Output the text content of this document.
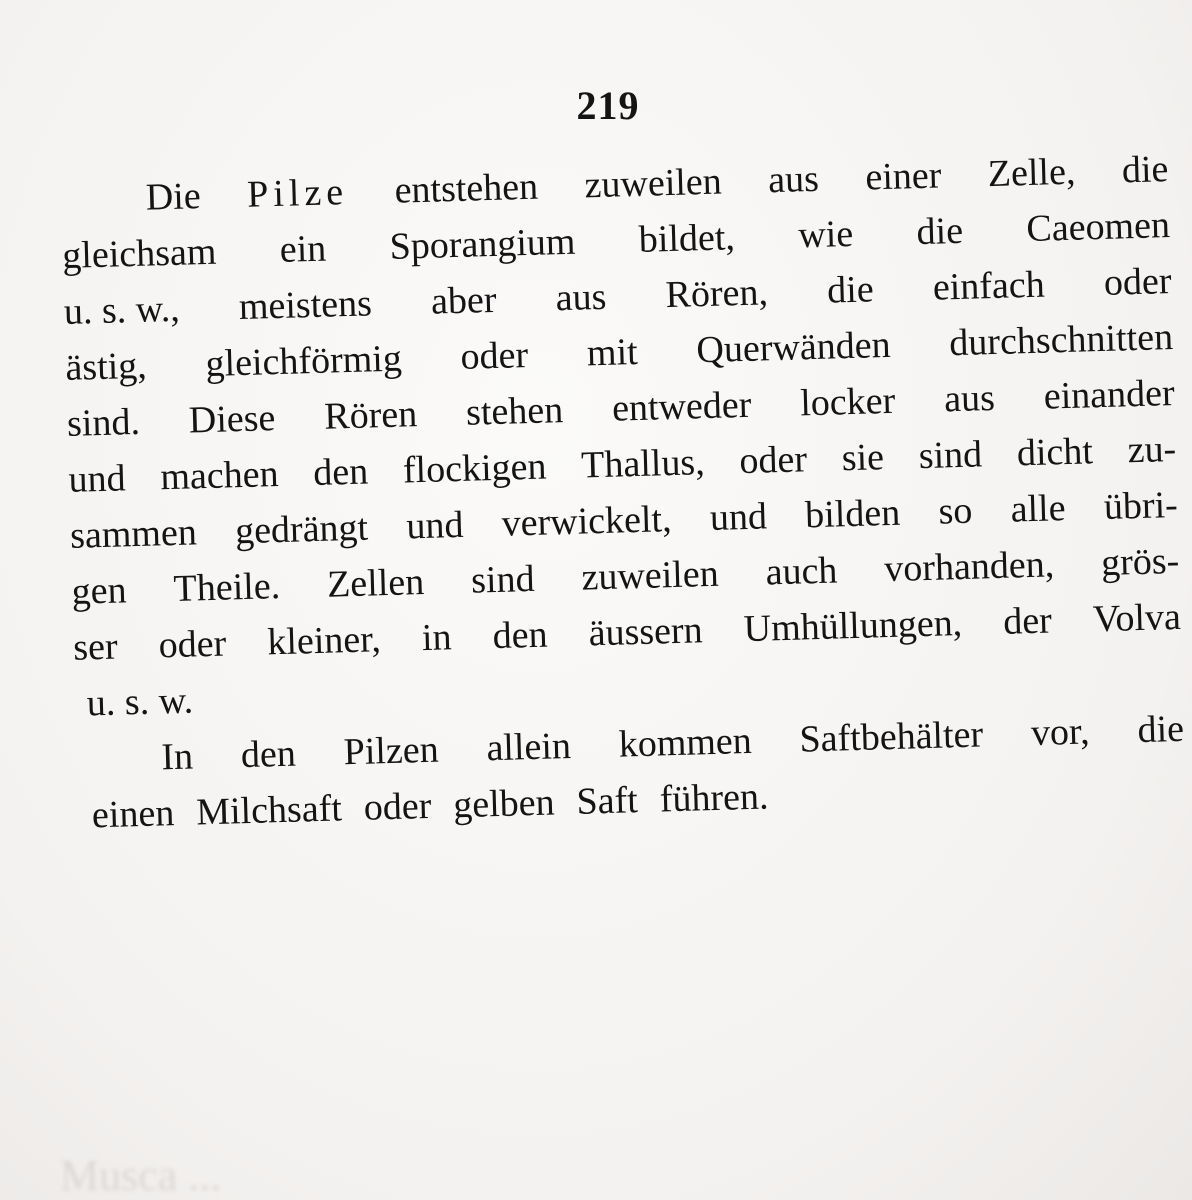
219
Die Pilze entstehen zuweilen aus einer Zelle, die
gleichsam ein Sporangium bildet, wie die Caeomen
u. s. w., meistens aber aus Rören, die einfach oder
ästig, gleichförmig oder mit Querwänden durchschnitten
sind. Diese Rören stehen entweder locker aus einander
und machen den flockigen Thallus, oder sie sind dicht zu-
sammen gedrängt und verwickelt, und bilden so alle übri-
gen Theile. Zellen sind zuweilen auch vorhanden, grös-
ser oder kleiner, in den äussern Umhüllungen, der Volva
u. s. w.
In den Pilzen allein kommen Saftbehälter vor, die
einen Milchsaft oder gelben Saft führen.
Musca ...
